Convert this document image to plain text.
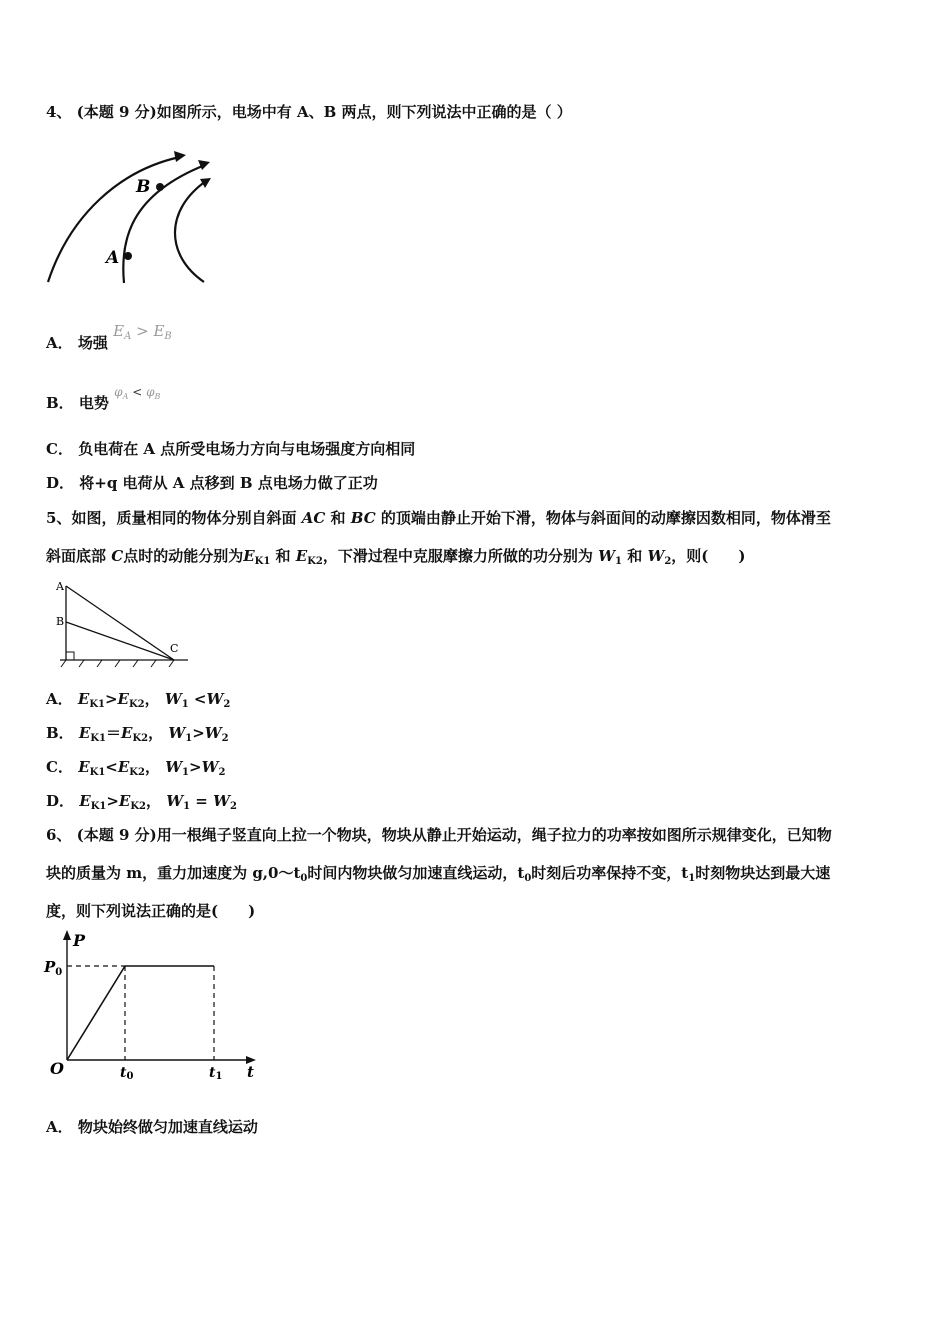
4、 (本题 9 分)如图所示，电场中有 A、B 两点，则下列说法中正确的是（ ）
A
B
A． 场强 $E_A > E_B$
B． 电势 $^{\varphi_A < \varphi_B}$
C． 负电荷在 A 点所受电场力方向与电场强度方向相同
D． 将+q 电荷从 A 点移到 B 点电场力做了正功
5、如图，质量相同的物体分别自斜面 AC 和 BC 的顶端由静止开始下滑，物体与斜面间的动摩擦因数相同，物体滑至
斜面底部 C点时的动能分别为$E_{K1}$ 和 $E_{K2}$，下滑过程中克服摩擦力所做的功分别为 $W_1$ 和 $W_2$，则(　　)
A
B
C
A． $E_{K1}>E_{K2}$， $W_1 <W_2$
B． $E_{K1}=E_{K2}$， $W_1>W_2$
C． $E_{K1}<E_{K2}$， $W_1>W_2$
D． $E_{K1}>E_{K2}$， $W_1 = W_2$
6、 (本题 9 分)用一根绳子竖直向上拉一个物块，物块从静止开始运动，绳子拉力的功率按如图所示规律变化，已知物
块的质量为 m，重力加速度为 $g,0\sim t_0$时间内物块做匀加速直线运动，$t_0$时刻后功率保持不变，$t_1$时刻物块达到最大速
度，则下列说法正确的是(　　)
P
$P_0$
O	t0	t1 t
A． 物块始终做匀加速直线运动
